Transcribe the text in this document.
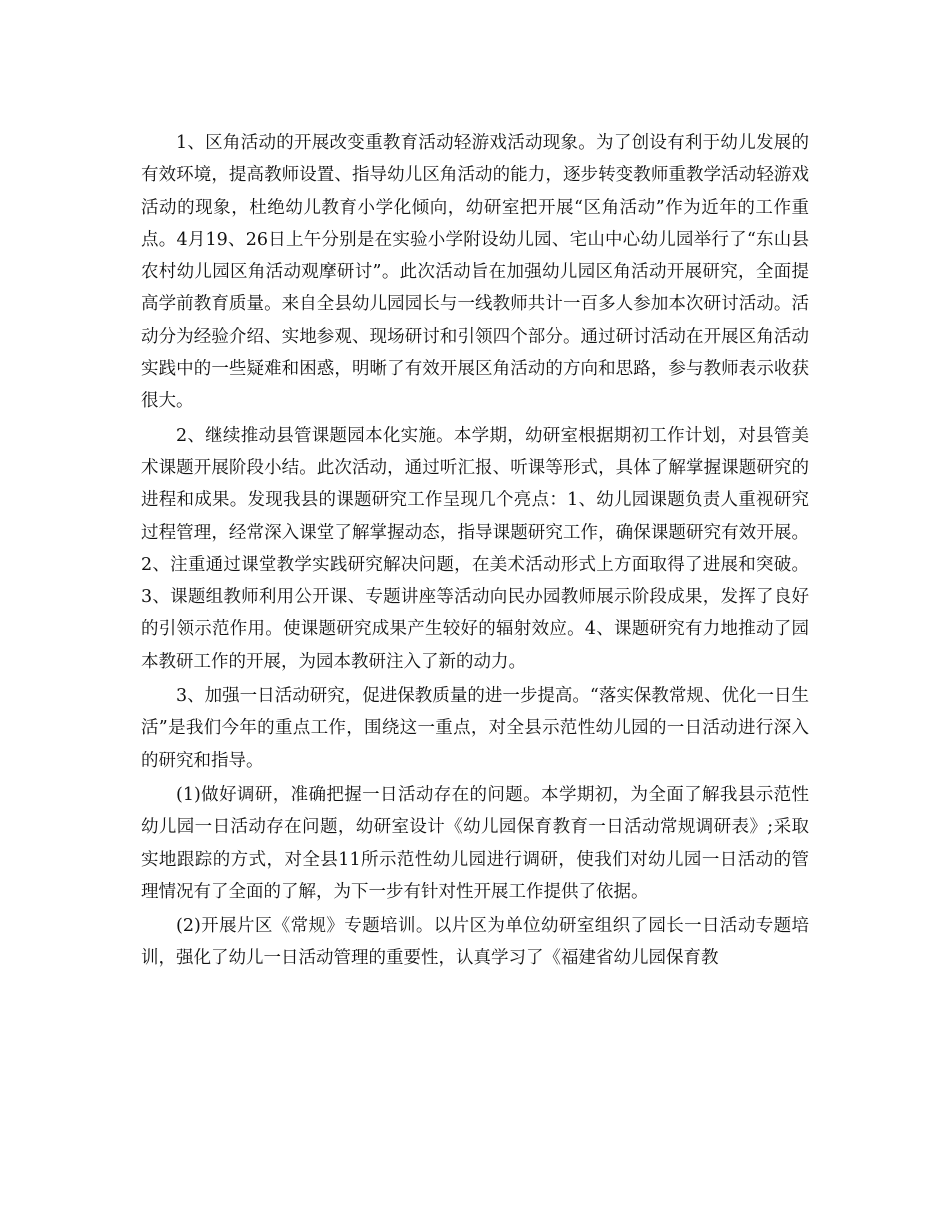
1、区角活动的开展改变重教育活动轻游戏活动现象。为了创设有利于幼儿发展的有效环境，提高教师设置、指导幼儿区角活动的能力，逐步转变教师重教学活动轻游戏活动的现象，杜绝幼儿教育小学化倾向，幼研室把开展“区角活动”作为近年的工作重点。4月19、26日上午分别是在实验小学附设幼儿园、宅山中心幼儿园举行了“东山县农村幼儿园区角活动观摩研讨”。此次活动旨在加强幼儿园区角活动开展研究，全面提高学前教育质量。来自全县幼儿园园长与一线教师共计一百多人参加本次研讨活动。活动分为经验介绍、实地参观、现场研讨和引领四个部分。通过研讨活动在开展区角活动实践中的一些疑难和困惑，明晰了有效开展区角活动的方向和思路，参与教师表示收获很大。

2、继续推动县管课题园本化实施。本学期，幼研室根据期初工作计划，对县管美术课题开展阶段小结。此次活动，通过听汇报、听课等形式，具体了解掌握课题研究的进程和成果。发现我县的课题研究工作呈现几个亮点：1、幼儿园课题负责人重视研究过程管理，经常深入课堂了解掌握动态，指导课题研究工作，确保课题研究有效开展。2、注重通过课堂教学实践研究解决问题，在美术活动形式上方面取得了进展和突破。3、课题组教师利用公开课、专题讲座等活动向民办园教师展示阶段成果，发挥了良好的引领示范作用。使课题研究成果产生较好的辐射效应。4、课题研究有力地推动了园本教研工作的开展，为园本教研注入了新的动力。

3、加强一日活动研究，促进保教质量的进一步提高。“落实保教常规、优化一日生活”是我们今年的重点工作，围绕这一重点，对全县示范性幼儿园的一日活动进行深入的研究和指导。

(1)做好调研，准确把握一日活动存在的问题。本学期初，为全面了解我县示范性幼儿园一日活动存在问题，幼研室设计《幼儿园保育教育一日活动常规调研表》;采取实地跟踪的方式，对全县11所示范性幼儿园进行调研，使我们对幼儿园一日活动的管理情况有了全面的了解，为下一步有针对性开展工作提供了依据。

(2)开展片区《常规》专题培训。以片区为单位幼研室组织了园长一日活动专题培训，强化了幼儿一日活动管理的重要性，认真学习了《福建省幼儿园保育教
